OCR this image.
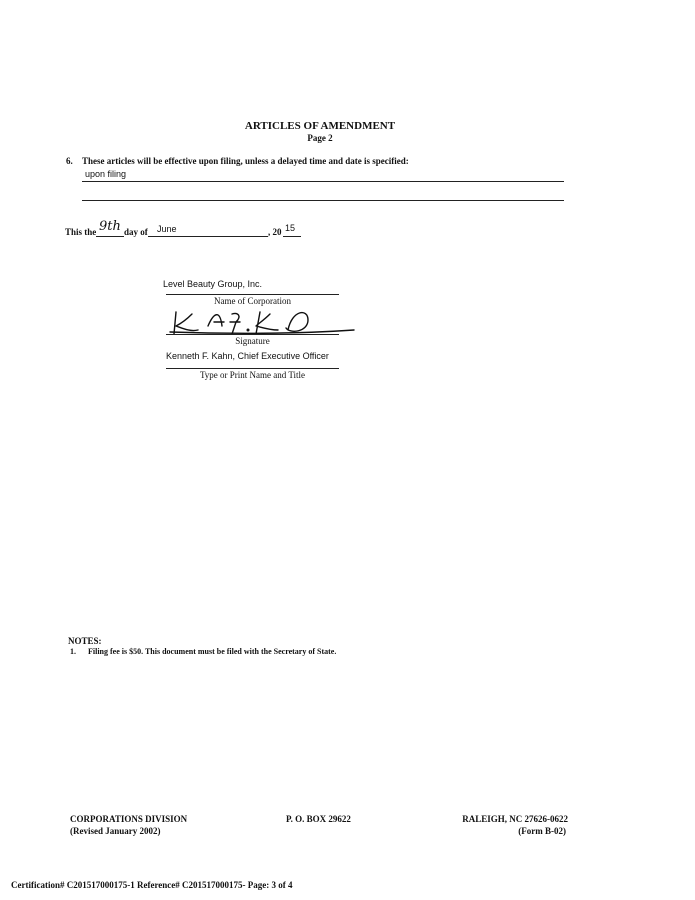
ARTICLES OF AMENDMENT
Page 2
6. These articles will be effective upon filing, unless a delayed time and date is specified:
upon filing
This the 9th day of June	, 20 15
Level Beauty Group, Inc.
Name of Corporation
Signature
Kenneth F. Kahn, Chief Executive Officer
Type or Print Name and Title
NOTES:
1. Filing fee is $50. This document must be filed with the Secretary of State.
CORPORATIONS DIVISION
(Revised January 2002)
P. O. BOX 29622	RALEIGH, NC 27626-0622
(Form B-02)
Certification# C201517000175-1 Reference# C201517000175- Page: 3 of 4
